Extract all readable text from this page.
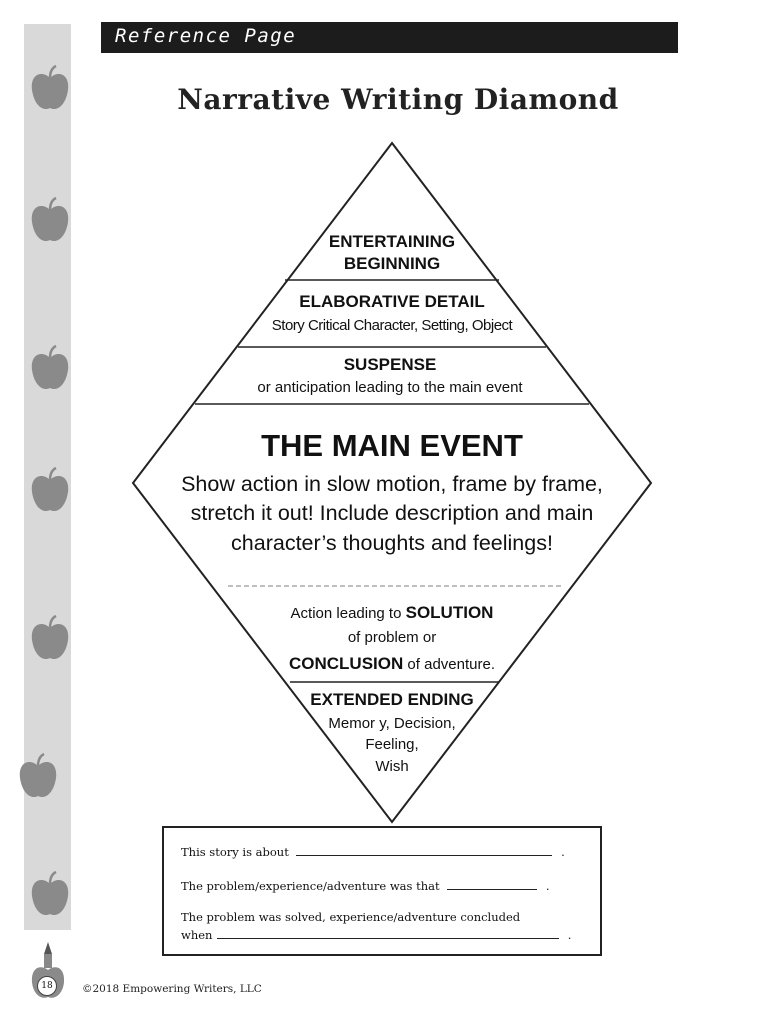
Reference Page
Narrative Writing Diamond
ENTERTAINING
BEGINNING
ELABORATIVE DETAIL
Story Critical Character, Setting, Object
SUSPENSE
or anticipation leading to the main event
THE MAIN EVENT
Show action in slow motion, frame by frame,
stretch it out! Include description and main
character’s thoughts and feelings!
Action leading to SOLUTION
of problem or
CONCLUSION of adventure.
EXTENDED ENDING
Memor y, Decision,
Feeling,
Wish
This story is about	.
The problem/experience/adventure was that	.
The problem was solved, experience/adventure concluded
when	.
18	©2018 Empowering Writers, LLC
